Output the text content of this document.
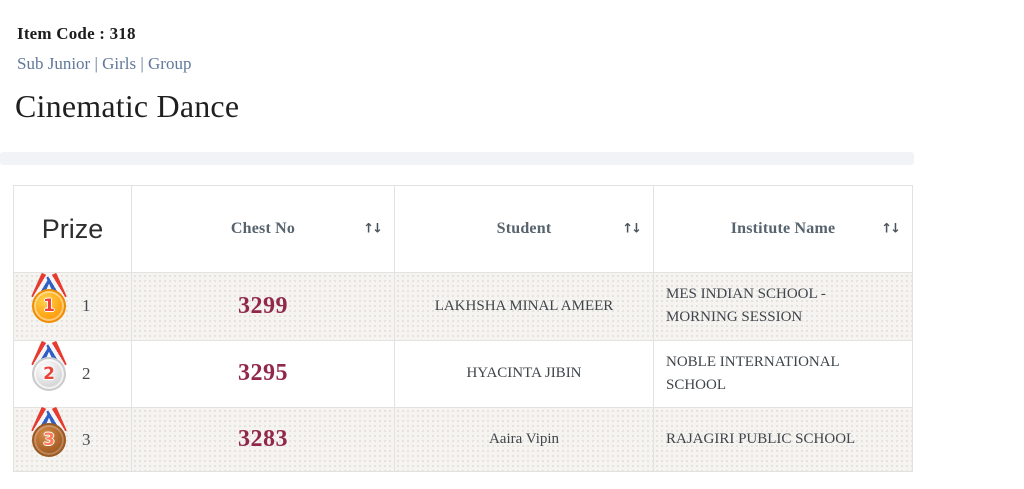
Item Code : 318
Sub Junior | Girls | Group
Cinematic Dance
Prize	Chest No ↑↓	Student ↑↓	Institute Name ↑↓

1 1	3299	LAKHSHA MINAL AMEER	MES INDIAN SCHOOL - MORNING SESSION

2 2	3295	HYACINTA JIBIN	NOBLE INTERNATIONAL SCHOOL

3 3	3283	Aaira Vipin	RAJAGIRI PUBLIC SCHOOL
